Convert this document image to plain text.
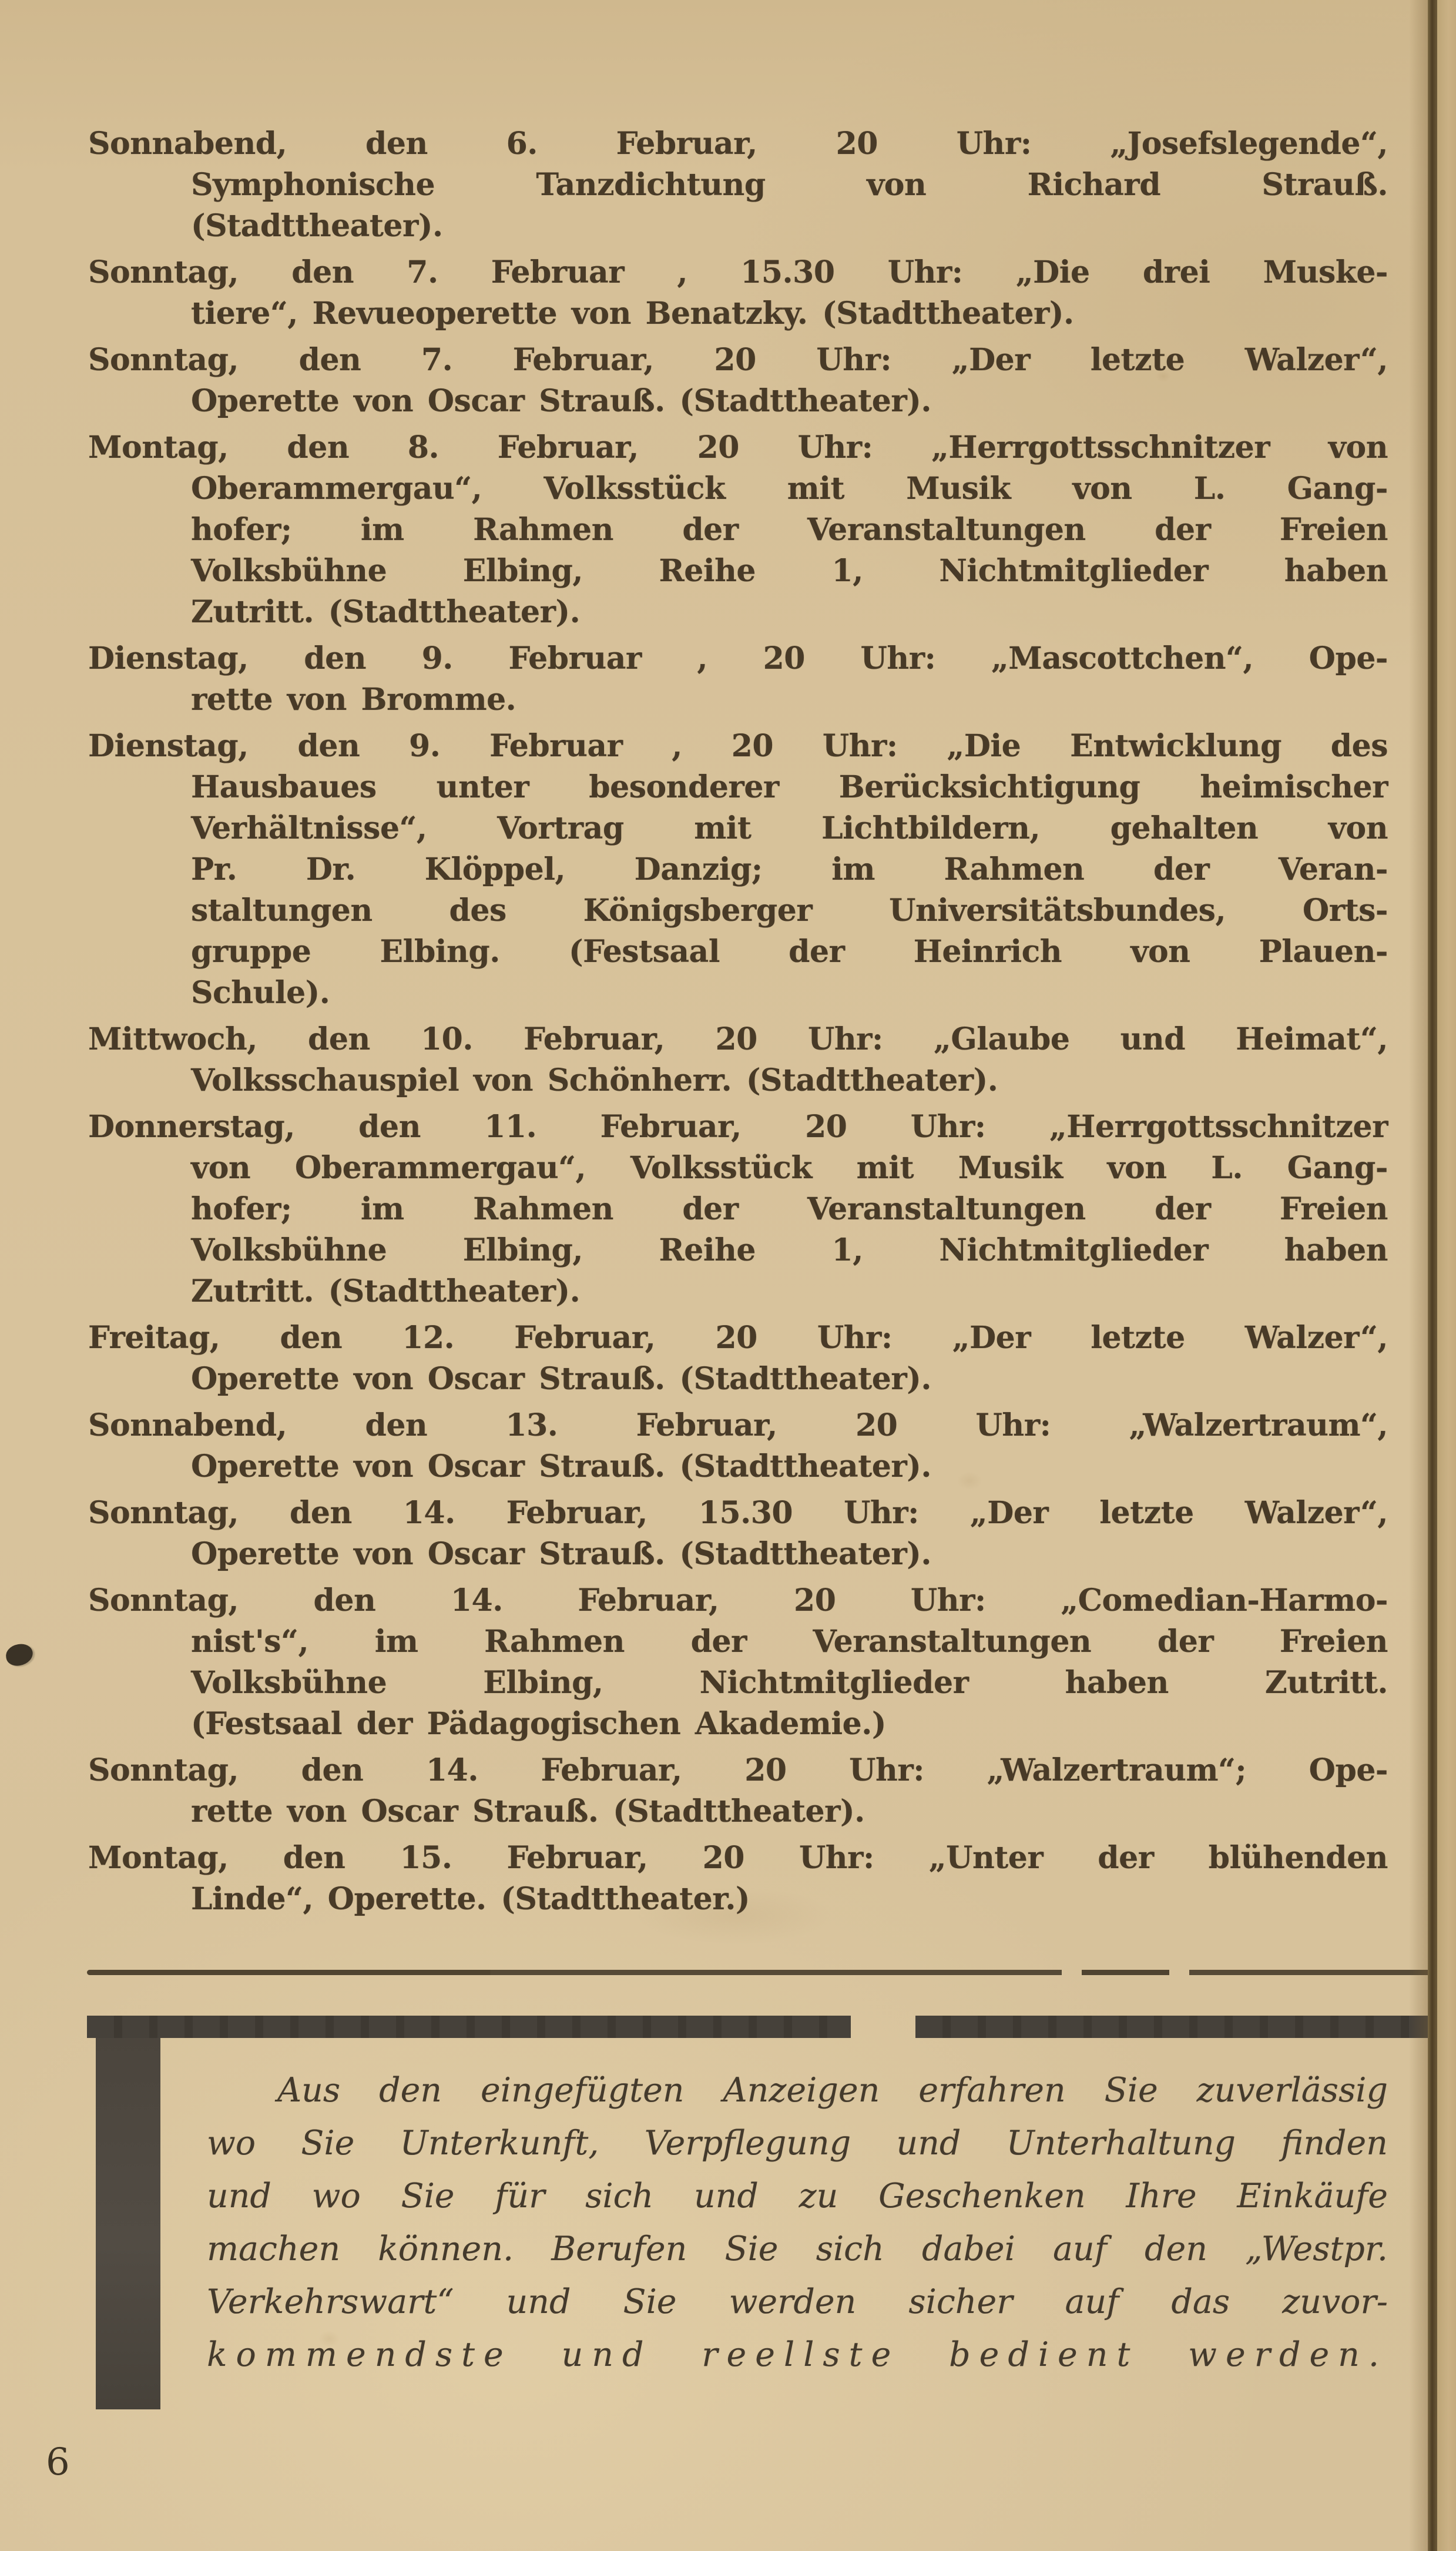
Sonnabend, den 6. Februar, 20 Uhr: „Josefslegende“,
Symphonische Tanzdichtung von Richard Strauß.
(Stadttheater).
Sonntag, den 7. Februar , 15.30 Uhr: „Die drei Muske-
tiere“, Revueoperette von Benatzky. (Stadttheater).
Sonntag, den 7. Februar, 20 Uhr: „Der letzte Walzer“,
Operette von Oscar Strauß. (Stadttheater).
Montag, den 8. Februar, 20 Uhr: „Herrgottsschnitzer von
Oberammergau“, Volksstück mit Musik von L. Gang-
hofer; im Rahmen der Veranstaltungen der Freien
Volksbühne Elbing, Reihe 1, Nichtmitglieder haben
Zutritt. (Stadttheater).
Dienstag, den 9. Februar , 20 Uhr: „Mascottchen“, Ope-
rette von Bromme.
Dienstag, den 9. Februar , 20 Uhr: „Die Entwicklung des
Hausbaues unter besonderer Berücksichtigung heimischer
Verhältnisse“, Vortrag mit Lichtbildern, gehalten von
Pr. Dr. Klöppel, Danzig; im Rahmen der Veran-
staltungen des Königsberger Universitätsbundes, Orts-
gruppe Elbing. (Festsaal der Heinrich von Plauen-
Schule).
Mittwoch, den 10. Februar, 20 Uhr: „Glaube und Heimat“,
Volksschauspiel von Schönherr. (Stadttheater).
Donnerstag, den 11. Februar, 20 Uhr: „Herrgottsschnitzer
von Oberammergau“, Volksstück mit Musik von L. Gang-
hofer; im Rahmen der Veranstaltungen der Freien
Volksbühne Elbing, Reihe 1, Nichtmitglieder haben
Zutritt. (Stadttheater).
Freitag, den 12. Februar, 20 Uhr: „Der letzte Walzer“,
Operette von Oscar Strauß. (Stadttheater).
Sonnabend, den 13. Februar, 20 Uhr: „Walzertraum“,
Operette von Oscar Strauß. (Stadttheater).
Sonntag, den 14. Februar, 15.30 Uhr: „Der letzte Walzer“,
Operette von Oscar Strauß. (Stadttheater).
Sonntag, den 14. Februar, 20 Uhr: „Comedian-Harmo-
nist's“, im Rahmen der Veranstaltungen der Freien
Volksbühne Elbing, Nichtmitglieder haben Zutritt.
(Festsaal der Pädagogischen Akademie.)
Sonntag, den 14. Februar, 20 Uhr: „Walzertraum“; Ope-
rette von Oscar Strauß. (Stadttheater).
Montag, den 15. Februar, 20 Uhr: „Unter der blühenden
Linde“, Operette. (Stadttheater.)
Aus den eingefügten Anzeigen erfahren Sie zuverlässig
wo Sie Unterkunft, Verpflegung und Unterhaltung finden
und wo Sie für sich und zu Geschenken Ihre Einkäufe
machen können. Berufen Sie sich dabei auf den „Westpr.
Verkehrswart“ und Sie werden sicher auf das zuvor-
kommendste und reellste bedient werden.
6
